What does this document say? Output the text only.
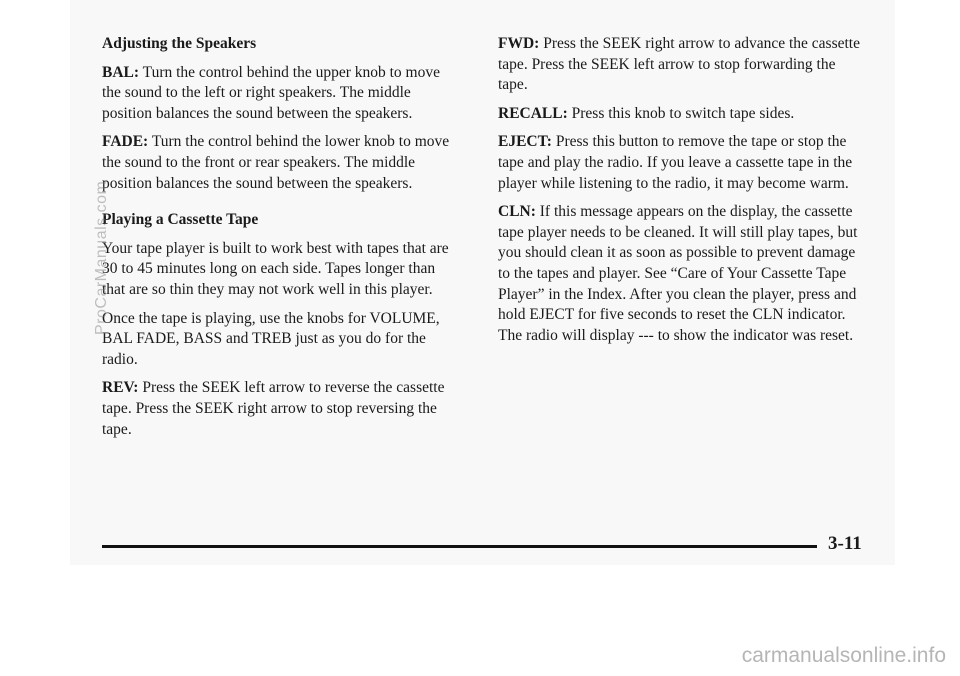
Adjusting the Speakers

BAL: Turn the control behind the upper knob to move the sound to the left or right speakers. The middle position balances the sound between the speakers.

FADE: Turn the control behind the lower knob to move the sound to the front or rear speakers. The middle position balances the sound between the speakers.

Playing a Cassette Tape

Your tape player is built to work best with tapes that are 30 to 45 minutes long on each side. Tapes longer than that are so thin they may not work well in this player.

Once the tape is playing, use the knobs for VOLUME, BAL FADE, BASS and TREB just as you do for the radio.

REV: Press the SEEK left arrow to reverse the cassette tape. Press the SEEK right arrow to stop reversing the tape.

FWD: Press the SEEK right arrow to advance the cassette tape. Press the SEEK left arrow to stop forwarding the tape.

RECALL: Press this knob to switch tape sides.

EJECT: Press this button to remove the tape or stop the tape and play the radio. If you leave a cassette tape in the player while listening to the radio, it may become warm.

CLN: If this message appears on the display, the cassette tape player needs to be cleaned. It will still play tapes, but you should clean it as soon as possible to prevent damage to the tapes and player. See “Care of Your Cassette Tape Player” in the Index. After you clean the player, press and hold EJECT for five seconds to reset the CLN indicator. The radio will display --- to show the indicator was reset.

3-11
ProCarManuals.com
carmanualsonline.info
